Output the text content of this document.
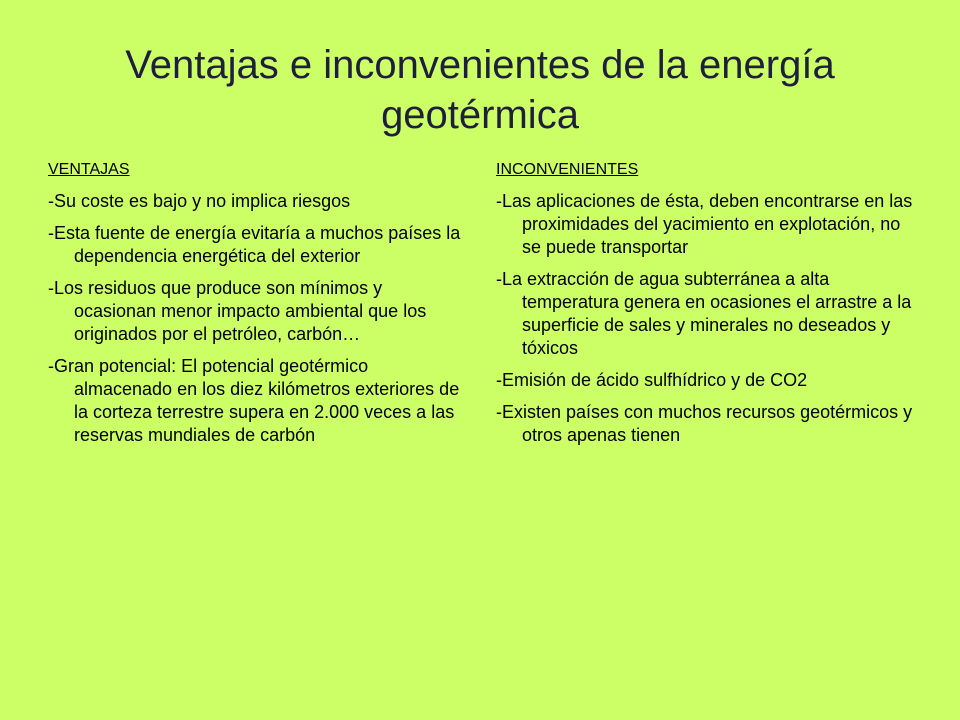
Ventajas e inconvenientes de la energía geotérmica
VENTAJAS
-Su coste es bajo y no implica riesgos
-Esta fuente de energía evitaría a muchos países la dependencia energética del exterior
-Los residuos que produce son mínimos y ocasionan menor impacto ambiental que los originados por el petróleo, carbón…
-Gran potencial: El potencial geotérmico almacenado en los diez kilómetros exteriores de la corteza terrestre supera en 2.000 veces a las reservas mundiales de carbón
INCONVENIENTES
-Las aplicaciones de ésta, deben encontrarse en las proximidades del yacimiento en explotación, no se puede transportar
-La extracción de agua subterránea a alta temperatura genera en ocasiones el arrastre a la superficie de sales y minerales no deseados y tóxicos
-Emisión de ácido sulfhídrico y de CO2
-Existen países con muchos recursos geotérmicos y otros apenas tienen
